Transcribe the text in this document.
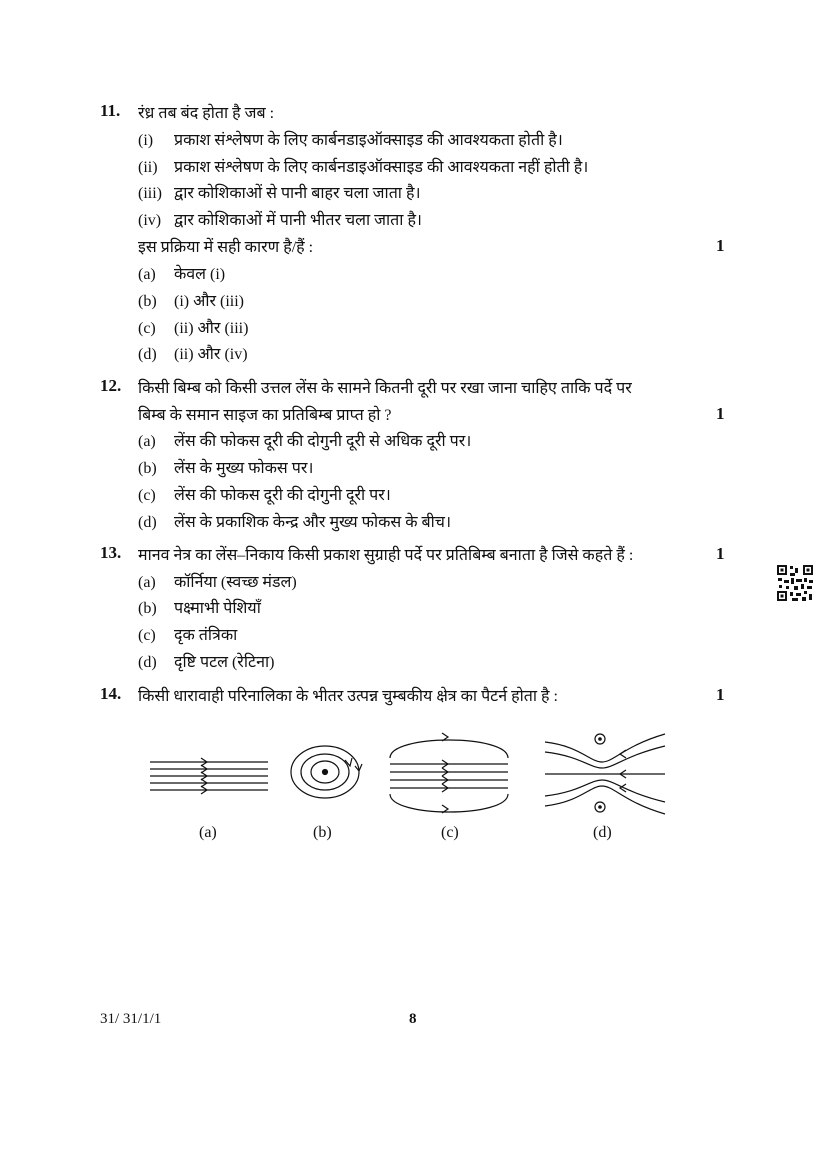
11. रंध्र तब बंद होता है जब :
(i) प्रकाश संश्लेषण के लिए कार्बनडाइऑक्साइड की आवश्यकता होती है।
(ii) प्रकाश संश्लेषण के लिए कार्बनडाइऑक्साइड की आवश्यकता नहीं होती है।
(iii) द्वार कोशिकाओं से पानी बाहर चला जाता है।
(iv) द्वार कोशिकाओं में पानी भीतर चला जाता है।
इस प्रक्रिया में सही कारण है/हैं :	1
(a) केवल (i)
(b) (i) और (iii)
(c) (ii) और (iii)
(d) (ii) और (iv)
12. किसी बिम्ब को किसी उत्तल लेंस के सामने कितनी दूरी पर रखा जाना चाहिए ताकि पर्दे पर
बिम्ब के समान साइज का प्रतिबिम्ब प्राप्त हो ?	1
(a) लेंस की फोकस दूरी की दोगुनी दूरी से अधिक दूरी पर।
(b) लेंस के मुख्य फोकस पर।
(c) लेंस की फोकस दूरी की दोगुनी दूरी पर।
(d) लेंस के प्रकाशिक केन्द्र और मुख्य फोकस के बीच।
13. मानव नेत्र का लेंस–निकाय किसी प्रकाश सुग्राही पर्दे पर प्रतिबिम्ब बनाता है जिसे कहते हैं :	1
(a) कॉर्निया (स्वच्छ मंडल)
(b) पक्ष्माभी पेशियाँ
(c) दृक तंत्रिका
(d) दृष्टि पटल (रेटिना)
14. किसी धारावाही परिनालिका के भीतर उत्पन्न चुम्बकीय क्षेत्र का पैटर्न होता है :	1
(a)	(b)	(c)	(d)
31/ 31/1/1	8
